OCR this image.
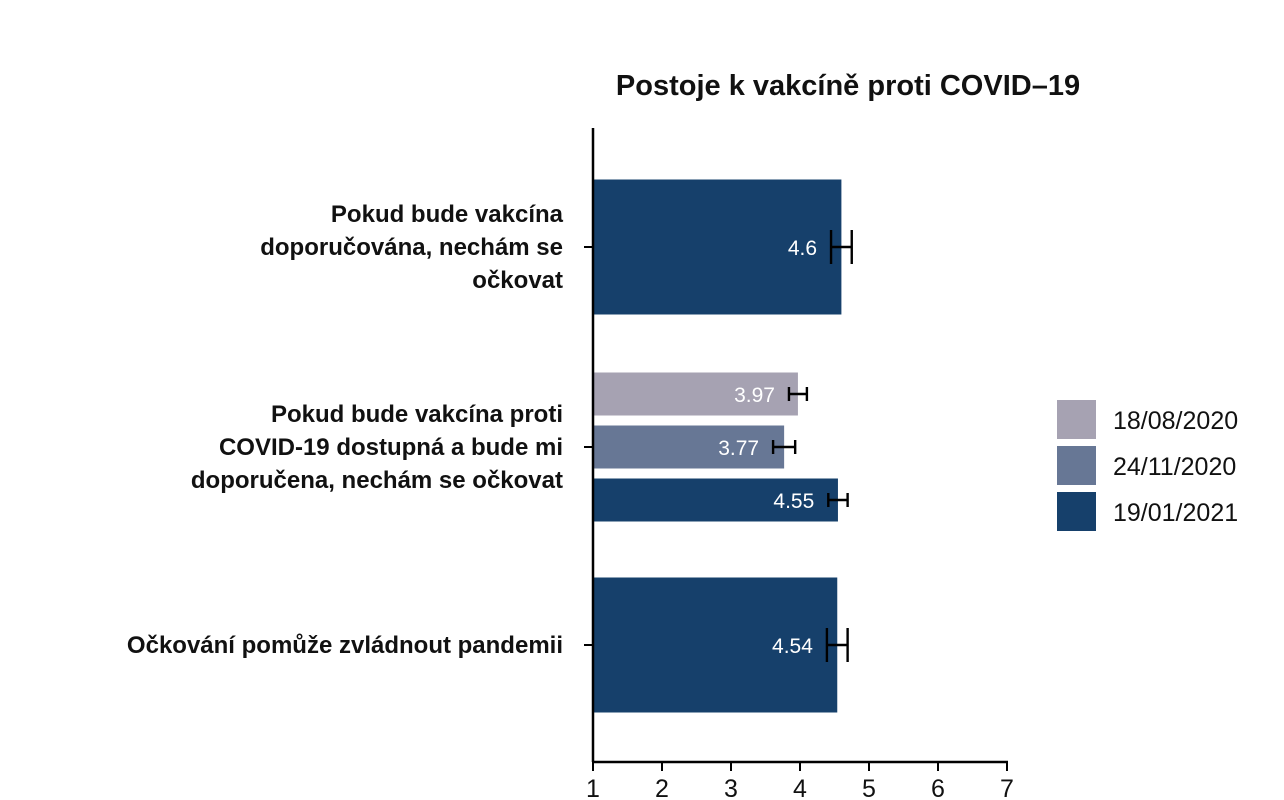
Postoje k vakcíně proti COVID–19
4.6
3.97
3.77
4.55
4.54
1 2 3 4 5 6 7
Pokud bude vakcína doporučována, nechám se očkovat
Pokud bude vakcína proti COVID-19 dostupná a bude mi doporučena, nechám se očkovat
Očkování pomůže zvládnout pandemii
18/08/2020
24/11/2020
19/01/2021
